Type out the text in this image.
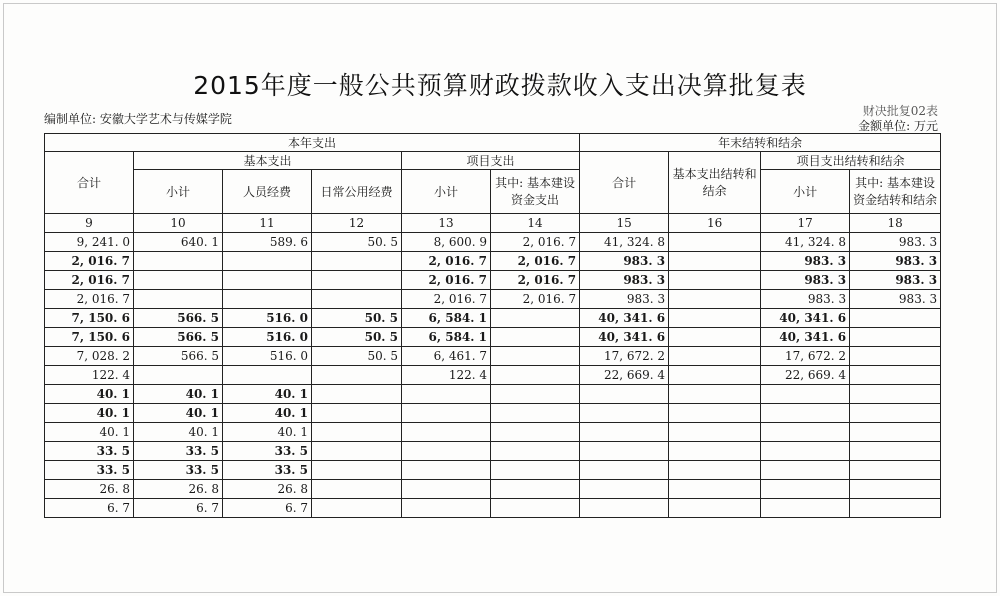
2015年度一般公共预算财政拨款收入支出决算批复表
编制单位: 安徽大学艺术与传媒学院
财决批复02表
金额单位: 万元
本年支出						年末结转和结余			
合计	基本支出			项目支出		合计	基本支出结转和结余	项目支出结转和结余	
	小计	人员经费	日常公用经费	小计	其中: 基本建设资金支出			小计	其中: 基本建设资金结转和结余
9	10	11	12	13	14	15	16	17	18
9, 241. 0	640. 1	589. 6	50. 5	8, 600. 9	2, 016. 7	41, 324. 8		41, 324. 8	983. 3
2, 016. 7				2, 016. 7	2, 016. 7	983. 3		983. 3	983. 3
2, 016. 7				2, 016. 7	2, 016. 7	983. 3		983. 3	983. 3
2, 016. 7				2, 016. 7	2, 016. 7	983. 3		983. 3	983. 3
7, 150. 6	566. 5	516. 0	50. 5	6, 584. 1		40, 341. 6		40, 341. 6	
7, 150. 6	566. 5	516. 0	50. 5	6, 584. 1		40, 341. 6		40, 341. 6	
7, 028. 2	566. 5	516. 0	50. 5	6, 461. 7		17, 672. 2		17, 672. 2	
122. 4				122. 4		22, 669. 4		22, 669. 4	
40. 1	40. 1	40. 1							
40. 1	40. 1	40. 1							
40. 1	40. 1	40. 1							
33. 5	33. 5	33. 5							
33. 5	33. 5	33. 5							
26. 8	26. 8	26. 8							
6. 7	6. 7	6. 7							
